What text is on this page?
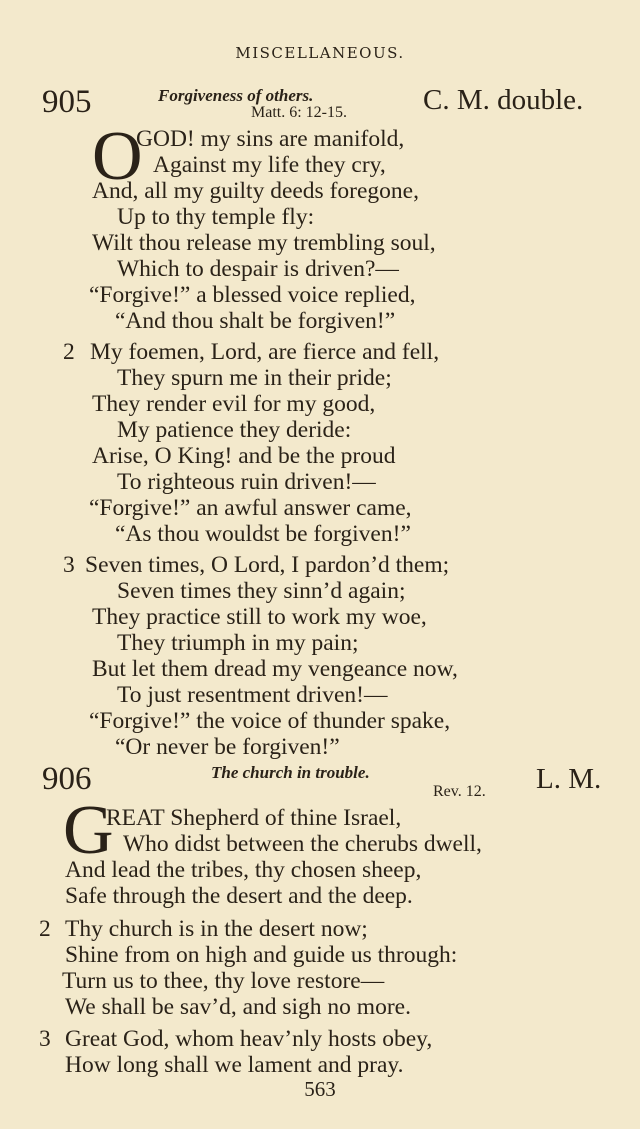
MISCELLANEOUS.
905	Forgiveness of others.
Matt. 6: 12-15.	C. M. double.
O
GOD! my sins are manifold,
Against my life they cry,
And, all my guilty deeds foregone,
Up to thy temple fly:
Wilt thou release my trembling soul,
Which to despair is driven?—
“Forgive!” a blessed voice replied,
“And thou shalt be forgiven!”
2 My foemen, Lord, are fierce and fell,
They spurn me in their pride;
They render evil for my good,
My patience they deride:
Arise, O King! and be the proud
To righteous ruin driven!—
“Forgive!” an awful answer came,
“As thou wouldst be forgiven!”
3 Seven times, O Lord, I pardon’d them;
Seven times they sinn’d again;
They practice still to work my woe,
They triumph in my pain;
But let them dread my vengeance now,
To just resentment driven!—
“Forgive!” the voice of thunder spake,
“Or never be forgiven!”
906	The church in trouble.
Rev. 12. L. M.
G
REAT Shepherd of thine Israel,
Who didst between the cherubs dwell,
And lead the tribes, thy chosen sheep,
Safe through the desert and the deep.
2 Thy church is in the desert now;
Shine from on high and guide us through:
Turn us to thee, thy love restore—
We shall be sav’d, and sigh no more.
3 Great God, whom heav’nly hosts obey,
How long shall we lament and pray.
563
